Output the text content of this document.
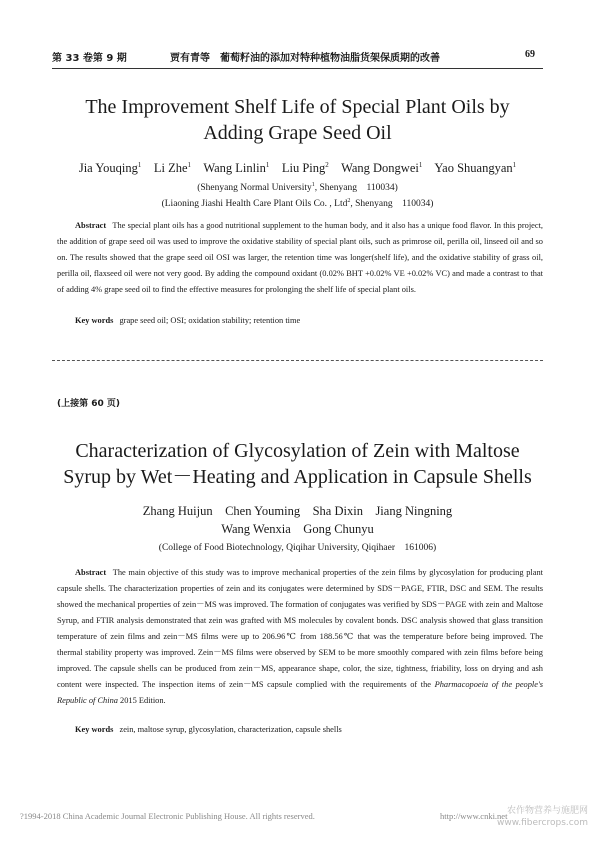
第 33 卷第 9 期	贾有青等　葡萄籽油的添加对特种植物油脂货架保质期的改善	69
The Improvement Shelf Life of Special Plant Oils by
Adding Grape Seed Oil
Jia Youqing$^1$ Li Zhe$^1$ Wang Linlin$^1$ Liu Ping$^2$ Wang Dongwei$^1$ Yao Shuangyan$^1$
(Shenyang Normal University$^1$, Shenyang　110034)
(Liaoning Jiashi Health Care Plant Oils Co. , Ltd$^2$, Shenyang　110034)
Abstract The special plant oils has a good nutritional supplement to the human body, and it also has a unique food flavor. In this project, the addition of grape seed oil was used to improve the oxidative stability of special plant oils, such as primrose oil, perilla oil, linseed oil and so on. The results showed that the grape seed oil OSI was larger, the retention time was longer(shelf life), and the oxidative stability of grass oil, perilla oil, flaxseed oil were not very good. By adding the compound oxidant (0.02% BHT +0.02% VE +0.02% VC) and made a contrast to that of adding 4% grape seed oil to find the effective measures for prolonging the shelf life of special plant oils.
Key words grape seed oil; OSI; oxidation stability; retention time
(上接第 60 页)
Characterization of Glycosylation of Zein with Maltose
Syrup by Wet－Heating and Application in Capsule Shells
Zhang Huijun　Chen Youming　Sha Dixin　Jiang Ningning
Wang Wenxia　Gong Chunyu
(College of Food Biotechnology, Qiqihar University, Qiqihaer　161006)
Abstract The main objective of this study was to improve mechanical properties of the zein films by glycosylation for producing plant capsule shells. The characterization properties of zein and its conjugates were determined by SDS－PAGE, FTIR, DSC and SEM. The results showed the mechanical properties of zein－MS was improved. The formation of conjugates was verified by SDS－PAGE with zein and Maltose Syrup, and FTIR analysis demonstrated that zein was grafted with MS molecules by covalent bonds. DSC analysis showed that glass transition temperature of zein films and zein－MS films were up to 206.96℃ from 188.56℃ that was the temperature before being improved. The thermal stability property was improved. Zein－MS films were observed by SEM to be more smoothly compared with zein films before being improved. The capsule shells can be produced from zein－MS, appearance shape, color, the size, tightness, friability, loss on drying and ash content were inspected. The inspection items of zein－MS capsule complied with the requirements of the Pharmacopoeia of the people's Republic of China 2015 Edition.
Key words zein, maltose syrup, glycosylation, characterization, capsule shells
?1994-2018 China Academic Journal Electronic Publishing House. All rights reserved.	http://www.cnki.net 农作物营养与施肥网
www.fibercrops.com
